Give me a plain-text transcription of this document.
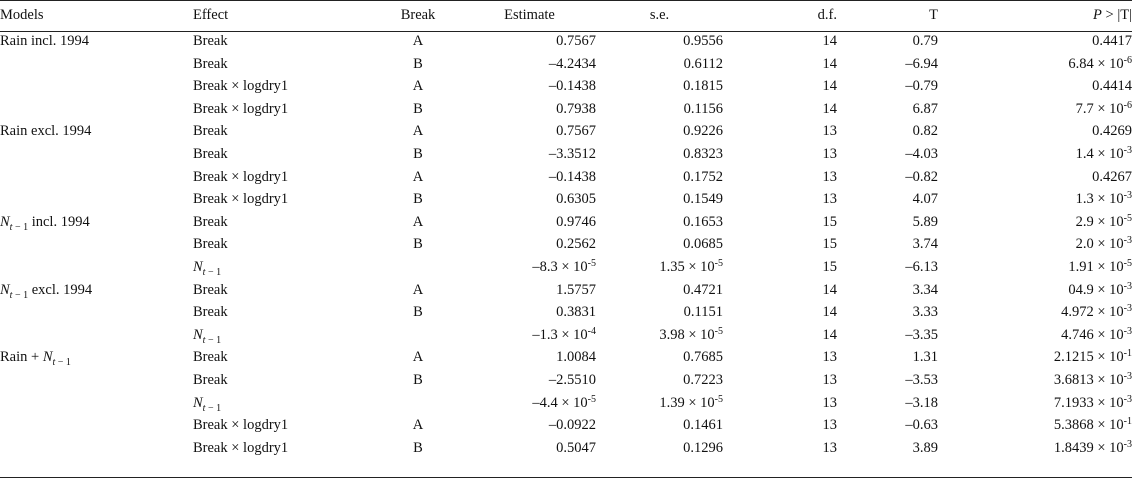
Models	Effect	Break	Estimate	s.e.	d.f.	T	P > |T|
Rain incl. 1994	Break	A	0.7567	0.9556	14	0.79	0.4417
	Break	B	–4.2434	0.6112	14	–6.94	$6.84 \times 10^{-6}$
	Break × logdry1	A	–0.1438	0.1815	14	–0.79	0.4414
	Break × logdry1	B	0.7938	0.1156	14	6.87	$7.7 \times 10^{-6}$
Rain excl. 1994	Break	A	0.7567	0.9226	13	0.82	0.4269
	Break	B	–3.3512	0.8323	13	–4.03	$1.4 \times 10^{-3}$
	Break × logdry1	A	–0.1438	0.1752	13	–0.82	0.4267
	Break × logdry1	B	0.6305	0.1549	13	4.07	$1.3 \times 10^{-3}$
$N_{t - 1}$ incl. 1994	Break	A	0.9746	0.1653	15	5.89	$2.9 \times 10^{-5}$
	Break	B	0.2562	0.0685	15	3.74	$2.0 \times 10^{-3}$
	$N_{t - 1}$		$-8.3 \times 10^{-5}$	$1.35 \times 10^{-5}$	15	–6.13	$1.91 \times 10^{-5}$
$N_{t - 1}$ excl. 1994	Break	A	1.5757	0.4721	14	3.34	$04.9 \times 10^{-3}$
	Break	B	0.3831	0.1151	14	3.33	$4.972 \times 10^{-3}$
	$N_{t - 1}$		$-1.3 \times 10^{-4}$	$3.98 \times 10^{-5}$	14	–3.35	$4.746 \times 10^{-3}$
Rain + $N_{t - 1}$	Break	A	1.0084	0.7685	13	1.31	$2.1215 \times 10^{-1}$
	Break	B	–2.5510	0.7223	13	–3.53	$3.6813 \times 10^{-3}$
	$N_{t - 1}$		$-4.4 \times 10^{-5}$	$1.39 \times 10^{-5}$	13	–3.18	$7.1933 \times 10^{-3}$
	Break × logdry1	A	–0.0922	0.1461	13	–0.63	$5.3868 \times 10^{-1}$
	Break × logdry1	B	0.5047	0.1296	13	3.89	$1.8439 \times 10^{-3}$
